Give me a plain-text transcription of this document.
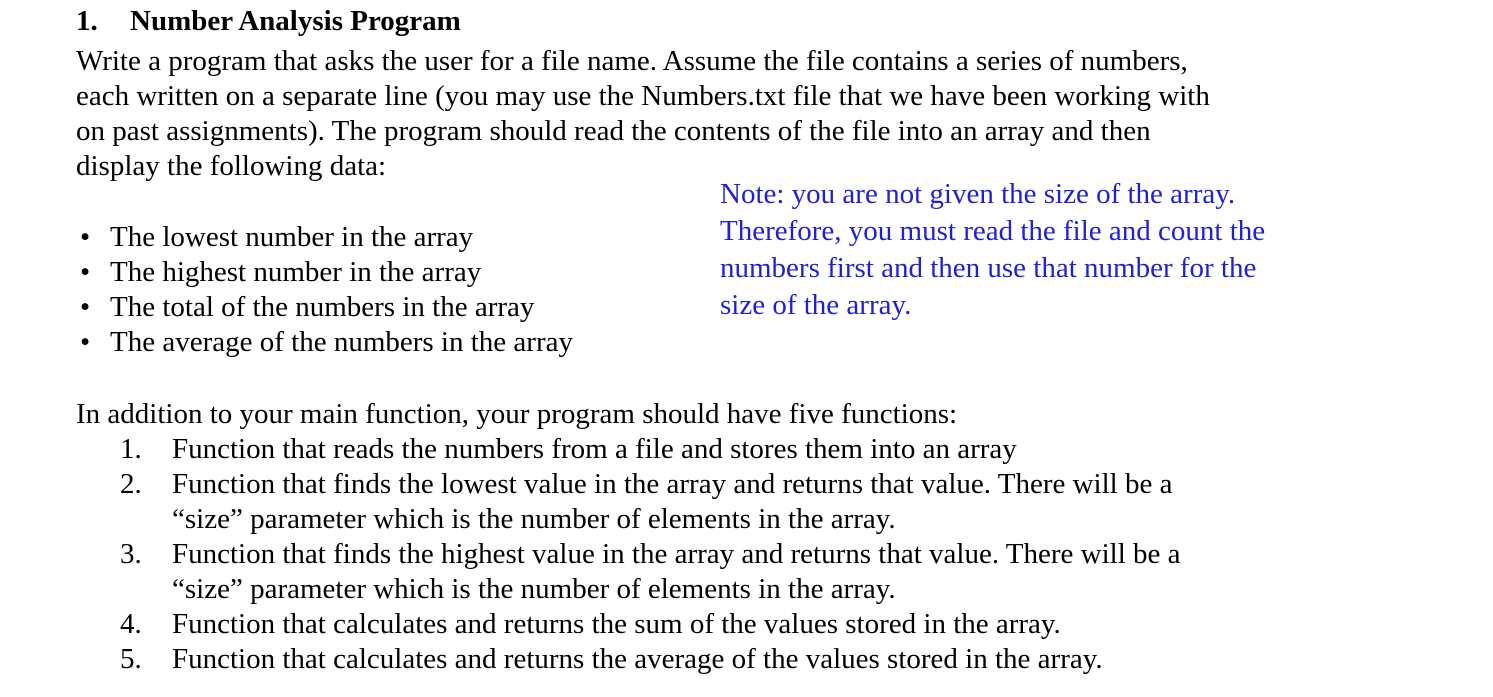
1. Number Analysis Program
Write a program that asks the user for a file name. Assume the file contains a series of numbers,
each written on a separate line (you may use the Numbers.txt file that we have been working with
on past assignments). The program should read the contents of the file into an array and then
display the following data:
• The lowest number in the array
• The highest number in the array
• The total of the numbers in the array
• The average of the numbers in the array
Note: you are not given the size of the array.
Therefore, you must read the file and count the
numbers first and then use that number for the
size of the array.
In addition to your main function, your program should have five functions:
1.	Function that reads the numbers from a file and stores them into an array
2.	Function that finds the lowest value in the array and returns that value. There will be a
“size” parameter which is the number of elements in the array.
3.	Function that finds the highest value in the array and returns that value. There will be a
“size” parameter which is the number of elements in the array.
4.	Function that calculates and returns the sum of the values stored in the array.
5.	Function that calculates and returns the average of the values stored in the array.
